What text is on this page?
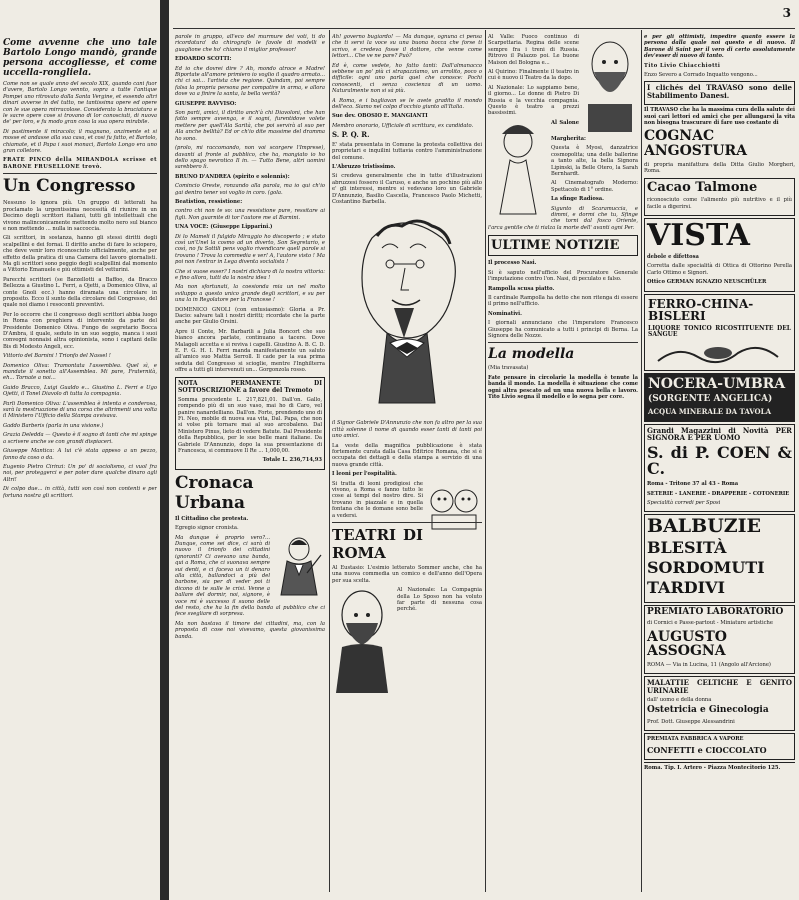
Come avvenne che uno tale Bartolo Longo mandò, grande persona accogliesse, et come uccella-rongliela.

Come non se quale anno del secolo XIX, quando cani fuor d'avere, Bartolo Longo vennto, sopra a tutte l'antique Pompei uno ritrovato dalla Santa Vergine, et essendo altri dinari avverse in del tutto, ne tantissima opere ed opere con le sue opera mirracolose. Considerato la bruciatura e le sacre opere cose si trovano di lor conosciuti, di nuova de' per loro, e fu modo gran cosa la sua opera mirabile.

Di pastimente il miracolo; il magnano, anzimente et si mosse et andasse alla sua casa, et cosi fu fatto, et Bartolo, chiamate, et il Papa i suoi monaci, Bartolo Longo era uno gran colletore.

FRATE PINCO della MIRANDOLA scrisse et BARONE FRUSELLONE trovò.

Un Congresso

Nessuno lo ignora più. Un gruppo di letterati ha proclamato la urgentissima necessità di riunire in un Decimo degli scrittori italiani, tutti gli intellettuali che vivono malinconicamente mettendo molto nero sul bianco e non mettendo ... nulla in saccoccia.

Gli scrittori, in sostanza, hanno gli stessi diritti degli scalpellini e dei fornai. Il diritto anche di fare lo sciopero, che deve venir loro riconosciuto ufficialmente, anche per effetto della pratica di una Camera del lavoro giornalisti. Ma gli scrittori sono peggio degli scalpellini dal momento a Vittorio Emanuele e più ottimisti del vetturini.

Parecchi scrittori (se Barzellotti a Baffoo, da Bracco Bellezza a Giustino L. Ferri, a Ojetti, a Domenico Oliva, al conte Gnoli ecc.) hanno diramata una circolare in proposito. Ecco il sunto della circolare del Congresso, del quale noi diamo i resoconti preventivi.

Per lo occorre che il congresso degli scrittori abbia luogo in Roma con preghiera di intervento da parte del Presidente Domenico Oliva. Fungo de segretario Bocca D'Ambra, il quale, seduto in un suo seggio, manca i suoi convegni nonnaisi altra opinionista, sono i capitani delle Bis di Modesto Angeli, ecc.

Vittorio del Barnini ! Trionfo del Nassel !

Domenico Oliva: Tramontata l'assemblea. Quel sì, e mandate il sonetto all'Assemblea. Mi pare, Fraternità, eh... Tornate a noi...

Guido Bracco, Luigi Gualdo e... Giustino L. Ferri e Ugo Ojetti, il Tonel Diavolo di tutta la compagnia.

Parli Domenico Oliva: L'assemblea è intenta e conderosa, sarà la mestruazione di una corsa che altrimenti una volta il Ministero l'Ufficio della Stampa avvisava.

Gaddo Barberis (parla in una visione.)

Grazia Deledda — Questo è il sogno di tanti che mi spinge a scrivere anche se con grandi dispiaceri.

Giuseppe Mantica: A lui c'è stata appeso a un pezzo, fanno da coso o da.

Eugenio Pietro Cirinzi: Un po' di sociolismo, ci vuol fra noi, per proteggerci e per poter dare qualche dinaro agli Altri!

Di colpo due... in città, tutti son così non contenti e per fortuna nostra gli scrittori.

3

parole in gruppo, all'eco del murmure dei voti, ti do ricordatura' da chirografo le favole di modelli e guaglione che ho' chiamo il miglior professor!

EDOARDO SCOTTI:

Ed io che dovrei dire ? Ah, mondo atroce e Madre! Biportate all'amore primiero io voglio il quadro armato... chi ci sai... l'artista che regione. Quindam, poi sempre falsa la propria persona per compatire in arma, e allora dove va a finire la santa, la bella verità?

GIUSEPPE RAVVISO:

Son parti, amici, il diritto anch'à chi Diavoloni, che han fatto sempre avvenga, e il sogni, furentidove volete mettere per quell'Ala Sarità, che poi servirà al suo per Ala anche bellità? Ed or ch'io dite massime del dramma ho sono.

(prolo, mi raccomando, non voi scorgere l'Imprese), davanti al fronte al pubblico, che ha, mangiato io ho dello spago nevrotico Il in. — Tutto Bene, altri uomini sarebbero lì.

BRUNO D'ANDREA (spirito e solennis):

Comincio Oreste, ronzando alla parola, ma io qui ch'io gai dentro tener voi voglio in coro. (gola.

Beatistion, ressistione:

contro chi non te so: una ressistione pure, ressitare ai figli. Non guarnite di tor l'autore me al Barnini.

UNA VOCE: (Giuseppe Lipparini.)

Di lo Mameli il fulgido Miraggio ho discoperto ; e stato così un'Unel la cosmo ad un diverto, Son Segretario, e così, no fu Sottili pens voglio rivendicare quell parole si trovano ! Trova la commedia e ver! A, l'autore visto ! Ma poi non i'entrar in Lega diventa socialista !

Che si vuose esser? I nostri dichiaro di la nostra vittoria: e fino allora, tutti da la nostra idea !

Ma non sfortunati, la coesionda mia un nel molto sviluppo a questo unico grande degli scrittori, e su per una la in Regolatore per la Francese !

DOMENICO GNOLI (con entusiasmo): Gloria a Pr. Dacio: salvare tali i nostri diritti; ricordate che la parte anche per Giulio Orsini.

Apre il Conte, Mr. Barbarili a Julia Boncort che suo bianco ancora parlate, continuano a tacere. Dove Malagoli accetta e si reviva i capelli. Giustino A. B. C. D. E. F. G. H. I. Ferri manda manifestamente un saluto all'amico suo Mattia Serroll. Il cade per la sua prima seduta del Congresso si scioglie, mentre l'Inghilterra offre a tutti gli intervenuti un... Gorgonzola rosso.

NOTA PERMANENTE DI SOTTOSCRIZIONE a favore del Tremoto

Somma precedente L. 217,821,01. Dall'on. Gallo, rompendo più di un suo vaso, mai ho di Caro, vel panire nanardelliano. Dall'on. Forte, prendendo uno di Fi. Neo, mobile di nuova sua vita, Dal. Papa, che non si volse più tornare mai al suo arcobaleno. Dal Ministero Pinus, lieto di vedere Batute. Dal Presidente della Repubblica, per le sue belle mani italiane. Da Gabriele D'Annunzio, dopo la sua presentazione di Francesca, si commuove Il Re ... 1,000,00.

Totale L. 236,714,93

Cronaca Urbana

Il Cittadino che protesta.

Egregio signor cronista.

Ma dunque è proprio vero?... Dunque, come sei dice, ci sarà di nuovo il trionfo dei cittadini ignoranti? Ci avevano una banda, qui a Roma, che ci suonava sempre sui denti, e ci faceva un ti denaro alla città, ballandoci a più del barbone, sia per di veder poi ti dicono di te sulle le crisi. Venne a ballare del dormir, noi, signore, è voce mi è successo il suono delle del resto, che ha la fin della banda al pubblico che ci fece svegliare di sorpresa.

Ma non bastava il timore dei cittadini, ma, con la proposta di cose noi vivevamo, questa giovanissima banda.

Ah! governo bugiardo! — Ma dunque, ognuna ci pensa che ti servi la voce su una buona bocca che forse ti scrivo, e credeva fosse il dottore, che venne come lettori... Che ve ne pare? Può?

Ed è, come vedete, ho fatto tanti: Dall'almanacco sebbene un po' più ci strapazziamo, un arrolito, poco o difficile: ogni uno parla quel che conosce: Pochi conoscenti, ci senza coscienza di un uomo. Naturalmente non si sà più.

A Roma, e i bagliavan se le avete gradito il mondo dell'eco. Siamo nel colpo d'occhio giunto all'Italia.

Sue dev. OBOSIO E. MANGIANTI

Membro onorario, Ufficiale di scrittura, ex candidato.

S. P. Q. R.

E' stata presentata in Comune la protesta collettiva dei proprietari e inquilini tuttavia contro l'amministrazione del comune.

L'Abruzzo tristissimo.

Si credeva generalmente che in tutte d'illustrazioni abruzzesi fossero il Caruso, e anche un pochino più alto e' gli interessi, mentre si vedevano loro un Gabriele D'Annunzio, Basilio Cascella, Francesco Paolo Michetti, Costantino Barbella.

il Signor Gabriele D'Annunzio che non fa altro per la sua città solenne il nome di quando esser tanti di tanti poi uno amici.

La veste della magnifica pubblicazione è stata fortemente curata dalla Casa Editrice Romana, che si è occupata dei dettagli e della stampa a servizio di una nuova grande città.

I leoni per l'ospitalità.

Si tratta di leoni prodigiosi che vivono, a Roma e fanno tutto le cose ai tempi del nostro dire. Si trovano in piazzale e in quella fontana che le domane sono belle a vedersi.

TEATRI DI ROMA

Al Eustasio: L'esimio letterato Sommer anche, che ha una nuova commedia un comico e dell'anno dell'Opera per sua scelta.

Al Nazionale: La Compagnia della Lo Sposo non ha voluto far parte di nessuna cosa perché.

Al Valle: Fuoco continuo di Scarpettaria. Regina delle scene sempre fra i treni di Russia. Ritrovo il Palazzo poi. Le buone Maison del Bologna e...

Al Quirino: Finalmente il teatro in cui è nuovo il Teatro da la dopo.

Al Nazionale: Lo sappiamo bene, il giorno... Le donne di Pietro Di Russia e la vecchia compagnia. Questo è teatro a prezzi bassissimi.

Al Salone Margherita:

Questa è Myosi, danzatrice cosmopolita; una delle ballerine a tanto alte, la bella Signora Lipinski, la Belle Otero, la Sarah Bernhardt.

Al Cinematografo Moderno: Spettacolo di 1° ordine.

La sfinge Radiosa.

Sigunto di Scaramuccia, e dimmi, e dormi che tu, Sfinge che torni dal fosco Oriente, l'arca gentile che ti rialza la morte dell' avanti ogni Per.

ULTIME NOTIZIE

Il processo Nasi.

Si è saputo nell'ufficio del Procuratore Generale l'imputazione contro l'on. Nasi, di peculato e falso.

Rampolla scusa piatto.

Il cardinale Rampolla ha detto che non ritenga di essere il primo nell'ufficio.

Nominativi.

I giornali annunciano che l'imperatore Francesco Giuseppe ha comunicato a tutti i principi di Berna. La Signora delle Nozze.

La modella

(Mia travasata)

Fate pensare in circolarie la modella è tenute la banda il mondo. La modella è situazione che come ogni altra pescato ad un una nuova bella e lavoro. Tito Livio segna il modello e lo segna per core.

e per gli ottimisti, impedire quanto essere la persona dalla quale noi questo e di nuovo. Il Barone di Saint per il vero di certo assolutamente dev'esser di nuovo di tanto.

Tito Livio Chiacchiotti

Enzo Severo a Corrado Inquatto vengono...

I clichés del TRAVASO sono delle Stabilimento Danesi.

Il TRAVASO che ha la massima cura della salute dei suoi cari lettori ed amici che per allungarsi la vita non bisogna trascurare di fare uso costante di

COGNAC ANGOSTURA

di propria manifattura della Ditta Giulio Morgheri, Roma.

Cacao Talmone

riconosciuto come l'alimento più nutritivo e il più facile a digerirsi.

VISTA

debole e difettosa

Corretta dalle specialità di Ottica di Ottorino Perella Carlo Ottimo e Signori.

Ottico GERMAN IGNAZIO NEUSCHÜLER

FERRO-CHINA-BISLERI

LIQUORE TONICO RICOSTITUENTE DEL SANGUE

NOCERA-UMBRA

(SORGENTE ANGELICA)

ACQUA MINERALE DA TAVOLA

Grandi Magazzini di Novità PER SIGNORA E PER UOMO

S. di P. COEN & C.

Roma - Tritone 37 al 43 - Roma

SETERIE - LANERIE - DRAPPERIE - COTONERIE

Specialità corredi per Sposi

BALBUZIE

BLESITÀ

SORDOMUTI

TARDIVI

PREMIATO LABORATORIO

di Cornici e Passe-partout - Miniature artistiche

AUGUSTO ASSOGNA

ROMA — Via in Lucina, 11 (Angolo all'Arcione)

MALATTIE CELTICHE E GENITO URINARIE

dall' uomo e della donna

Ostetricia e Ginecologia

Prof. Dott. Giuseppe Alessandrini

PREMIATA FABBRICA A VAPORE

CONFETTI e CIOCCOLATO

Roma. Tip. I. Artero - Piazza Montecitorio 125.
